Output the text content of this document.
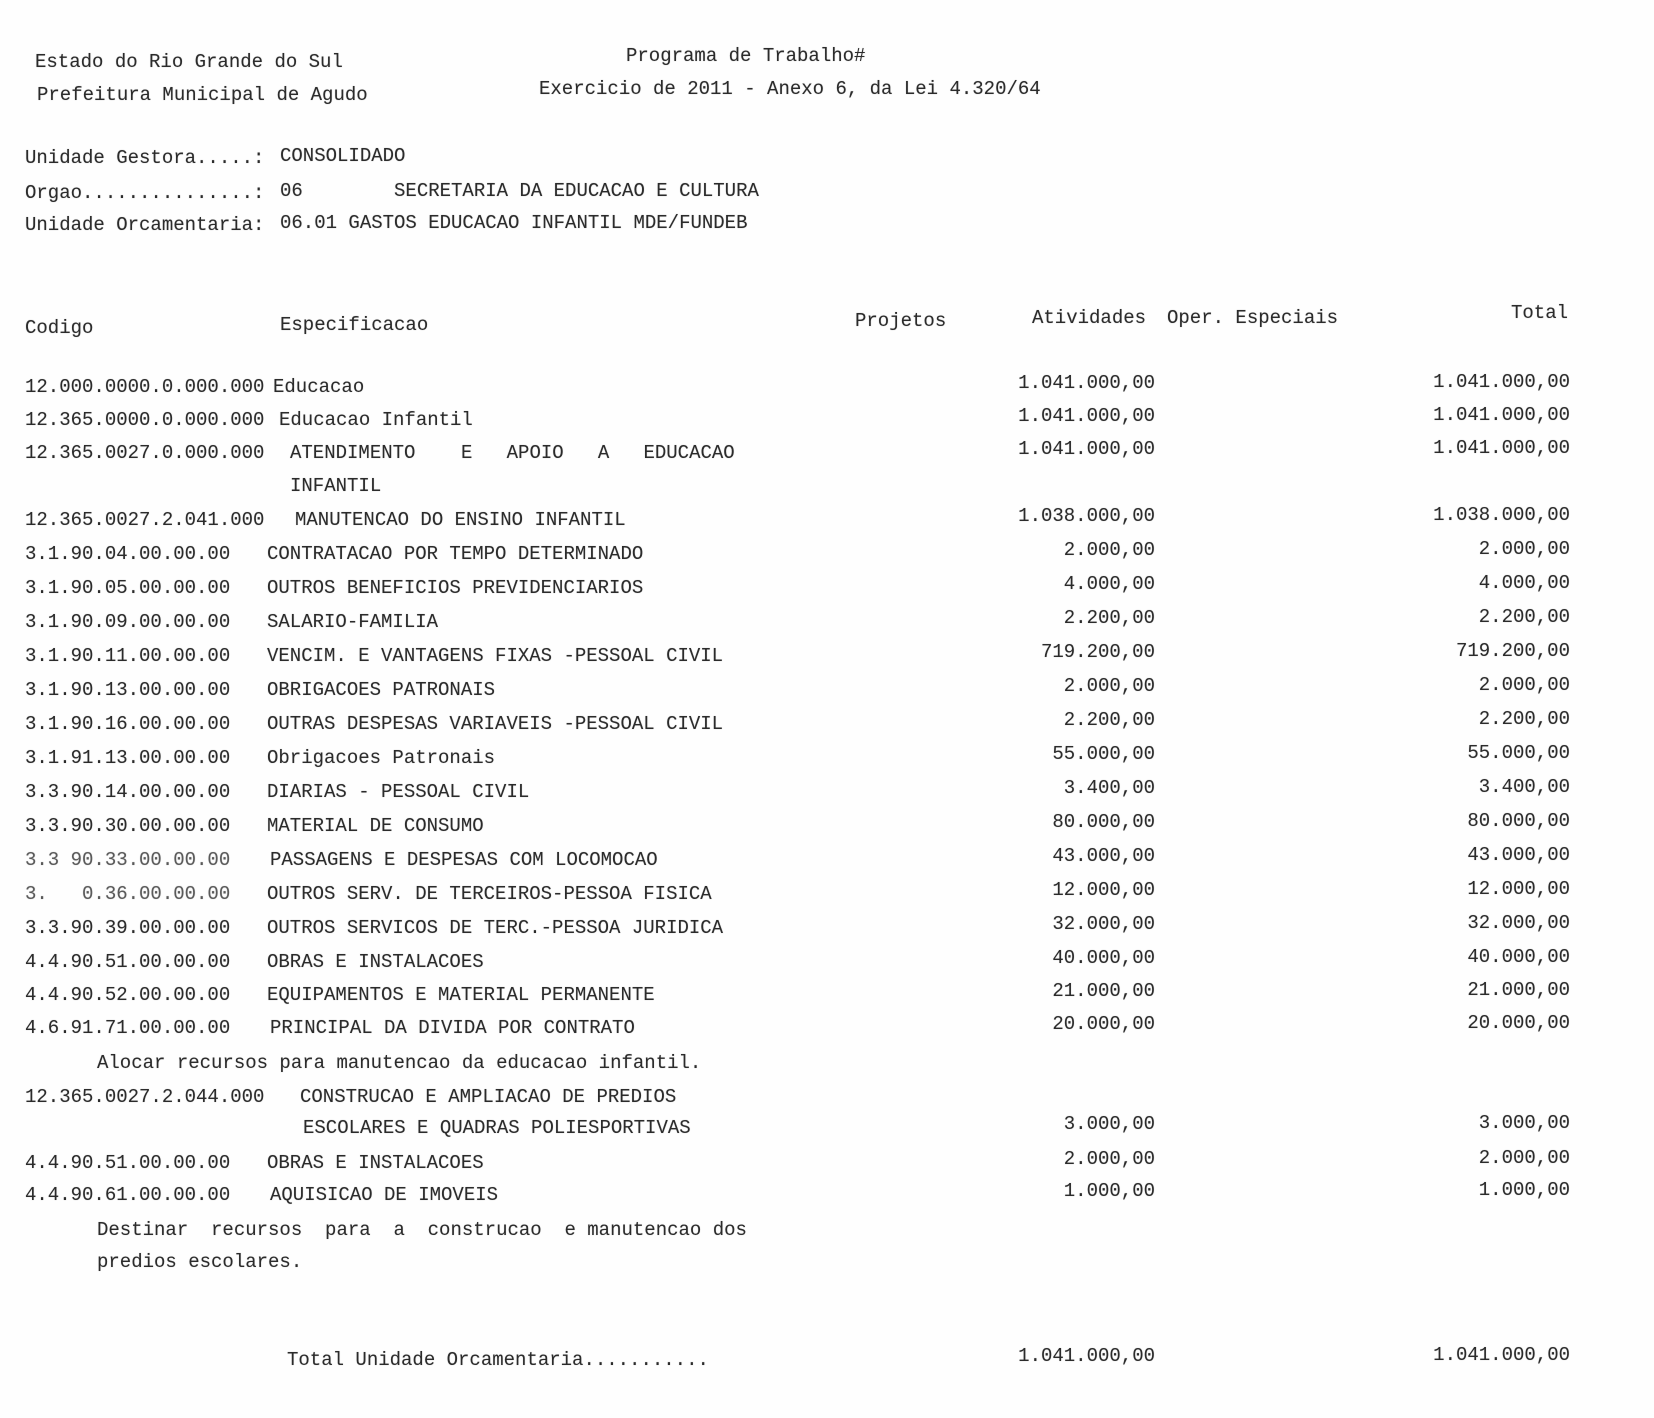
Estado do Rio Grande do Sul
Prefeitura Municipal de Agudo
Programa de Trabalho#
Exercicio de 2011 - Anexo 6, da Lei 4.320/64
Unidade Gestora.....: CONSOLIDADO
Orgao...............: 06        SECRETARIA DA EDUCACAO E CULTURA
Unidade Orcamentaria: 06.01 GASTOS EDUCACAO INFANTIL MDE/FUNDEB
Codigo	Especificacao	Projetos	Atividades Oper. Especiais	Total
12.000.0000.0.000.000 Educacao	1.041.000,00	1.041.000,00
12.365.0000.0.000.000 Educacao Infantil	1.041.000,00	1.041.000,00
12.365.0027.0.000.000 ATENDIMENTO    E   APOIO   A   EDUCACAO	1.041.000,00	1.041.000,00
INFANTIL
12.365.0027.2.041.000 MANUTENCAO DO ENSINO INFANTIL	1.038.000,00	1.038.000,00
3.1.90.04.00.00.00 CONTRATACAO POR TEMPO DETERMINADO	2.000,00	2.000,00
3.1.90.05.00.00.00 OUTROS BENEFICIOS PREVIDENCIARIOS	4.000,00	4.000,00
3.1.90.09.00.00.00 SALARIO-FAMILIA	2.200,00	2.200,00
3.1.90.11.00.00.00 VENCIM. E VANTAGENS FIXAS -PESSOAL CIVIL	719.200,00	719.200,00
3.1.90.13.00.00.00 OBRIGACOES PATRONAIS	2.000,00	2.000,00
3.1.90.16.00.00.00 OUTRAS DESPESAS VARIAVEIS -PESSOAL CIVIL	2.200,00	2.200,00
3.1.91.13.00.00.00 Obrigacoes Patronais	55.000,00	55.000,00
3.3.90.14.00.00.00 DIARIAS - PESSOAL CIVIL	3.400,00	3.400,00
3.3.90.30.00.00.00 MATERIAL DE CONSUMO	80.000,00	80.000,00
3.3 90.33.00.00.00 PASSAGENS E DESPESAS COM LOCOMOCAO	43.000,00	43.000,00
3.   0.36.00.00.00 OUTROS SERV. DE TERCEIROS-PESSOA FISICA	12.000,00	12.000,00
3.3.90.39.00.00.00 OUTROS SERVICOS DE TERC.-PESSOA JURIDICA	32.000,00	32.000,00
4.4.90.51.00.00.00 OBRAS E INSTALACOES	40.000,00	40.000,00
4.4.90.52.00.00.00 EQUIPAMENTOS E MATERIAL PERMANENTE	21.000,00	21.000,00
4.6.91.71.00.00.00 PRINCIPAL DA DIVIDA POR CONTRATO	20.000,00	20.000,00
Alocar recursos para manutencao da educacao infantil.
12.365.0027.2.044.000 CONSTRUCAO E AMPLIACAO DE PREDIOS
ESCOLARES E QUADRAS POLIESPORTIVAS	3.000,00	3.000,00
4.4.90.51.00.00.00 OBRAS E INSTALACOES	2.000,00	2.000,00
4.4.90.61.00.00.00 AQUISICAO DE IMOVEIS	1.000,00	1.000,00
Destinar  recursos  para  a  construcao  e manutencao dos
predios escolares.
Total Unidade Orcamentaria...........	1.041.000,00	1.041.000,00
